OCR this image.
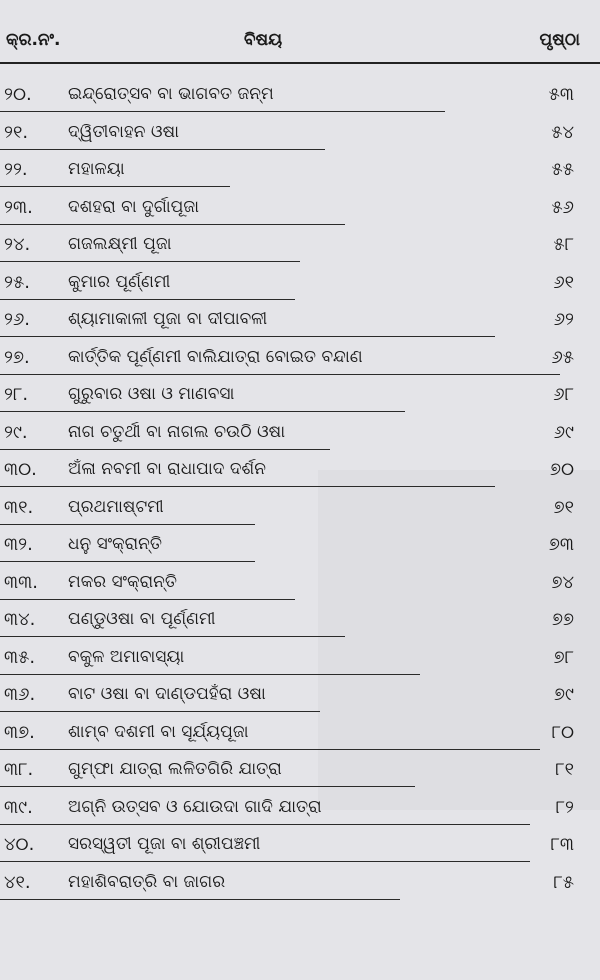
କ୍ର.ନଂ.	ବିଷୟ	ପୃଷ୍ଠା
୨୦.	ଇନ୍ଦ୍ରୋତ୍ସବ ବା ଭାଗବତ ଜନ୍ମ	୫୩
୨୧.	ଦ୍ୱିତୀବାହନ ଓଷା	୫୪
୨୨.	ମହାଳୟା	୫୫
୨୩.	ଦଶହରା ବା ଦୁର୍ଗାପୂଜା	୫୬
୨୪.	ଗଜଲକ୍ଷ୍ମୀ ପୂଜା	୫୮
୨୫.	କୁମାର ପୂର୍ଣ୍ଣମୀ	୬୧
୨୬.	ଶ୍ୟାମାକାଳୀ ପୂଜା ବା ଦୀପାବଳୀ	୬୨
୨୭.	କାର୍ତ୍ତିକ ପୂର୍ଣ୍ଣମୀ ବାଲିଯାତ୍ରା ବୋଇତ ବନ୍ଦାଣ	୬୫
୨୮.	ଗୁରୁବାର ଓଷା ଓ ମାଣବସା	୬୮
୨୯.	ନାଗ ଚତୁର୍ଥୀ ବା ନାଗଲ ଚଉଠି ଓଷା	୬୯
୩୦.	ଅଁଳା ନବମୀ ବା ରାଧାପାଦ ଦର୍ଶନ	୭୦
୩୧.	ପ୍ରଥମାଷ୍ଟମୀ	୭୧
୩୨.	ଧନୁ ସଂକ୍ରାନ୍ତି	୭୩
୩୩.	ମକର ସଂକ୍ରାନ୍ତି	୭୪
୩୪.	ପଣ୍ଡୁଓଷା ବା ପୂର୍ଣ୍ଣମୀ	୭୭
୩୫.	ବକୁଳ ଅମାବାସ୍ୟା	୭୮
୩୬.	ବାଟ ଓଷା ବା ଦାଣ୍ଡପହଁରା ଓଷା	୭୯
୩୭.	ଶାମ୍ବ ଦଶମୀ ବା ସୂର୍ଯ୍ୟପୂଜା	୮୦
୩୮.	ଗୁମ୍ଫା ଯାତ୍ରା ଲଳିତଗିରି ଯାତ୍ରା	୮୧
୩୯.	ଅଗ୍ନି ଉତ୍ସବ ଓ ଯୋଉଦା ଗାଦି ଯାତ୍ରା	୮୨
୪୦.	ସରସ୍ୱତୀ ପୂଜା ବା ଶ୍ରୀପଞ୍ଚମୀ	୮୩
୪୧.	ମହାଶିବରାତ୍ରି ବା ଜାଗର	୮୫
